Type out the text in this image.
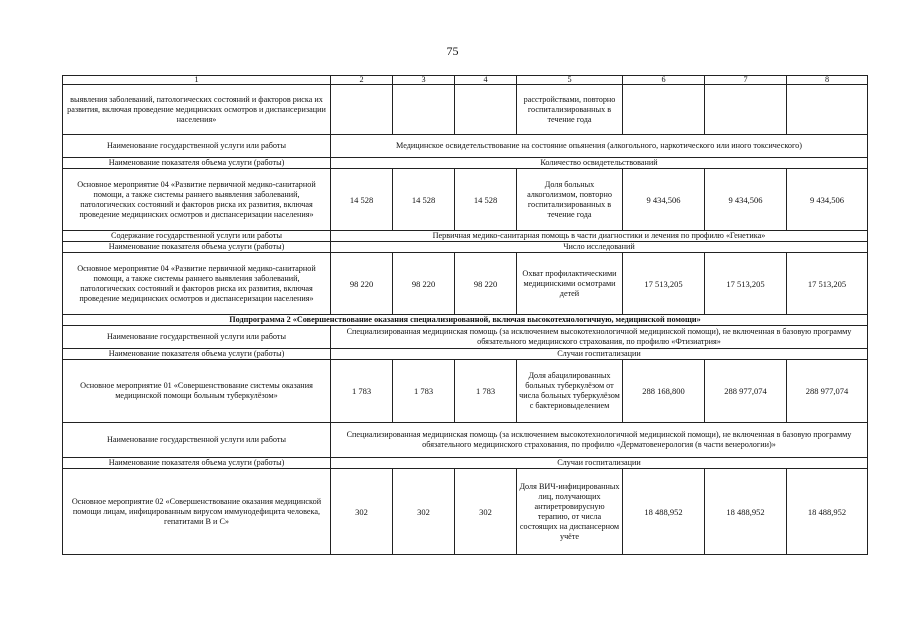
75
1	2	3	4	5	6	7	8
выявления заболеваний, патологических состояний и факторов риска их развития, включая проведение медицинских осмотров и диспансеризации населения»				расстройствами, повторно госпитализированных в течение года			
Наименование государственной услуги или работы	Медицинское освидетельствование на состояние опьянения (алкогольного, наркотического или иного токсического)						
Наименование показателя объема услуги (работы)	Количество освидетельствований						
Основное мероприятие 04 «Развитие первичной медико-санитарной помощи, а также системы раннего выявления заболеваний, патологических состояний и факторов риска их развития, включая проведение медицинских осмотров и диспансеризации населения»	14 528	14 528	14 528	Доля больных алкоголизмом, повторно госпитализированных в течение года	9 434,506	9 434,506	9 434,506
Содержание государственной услуги или работы	Первичная медико-санитарная помощь в части диагностики и лечения по профилю «Генетика»						
Наименование показателя объема услуги (работы)	Число исследований						
Основное мероприятие 04 «Развитие первичной медико-санитарной помощи, а также системы раннего выявления заболеваний, патологических состояний и факторов риска их развития, включая проведение медицинских осмотров и диспансеризации населения»	98 220	98 220	98 220	Охват профилактическими медицинскими осмотрами детей	17 513,205	17 513,205	17 513,205
Подпрограмма 2 «Совершенствование оказания специализированной, включая высокотехнологичную, медицинской помощи»							
Наименование государственной услуги или работы	Специализированная медицинская помощь (за исключением высокотехнологичной медицинской помощи), не включенная в базовую программу обязательного медицинского страхования, по профилю «Фтизиатрия»						
Наименование показателя объема услуги (работы)	Случаи госпитализации						
Основное мероприятие 01 «Совершенствование системы оказания медицинской помощи больным туберкулёзом»	1 783	1 783	1 783	Доля абацилированных больных туберкулёзом от числа больных туберкулёзом с бактериовыделением	288 168,800	288 977,074	288 977,074
Наименование государственной услуги или работы	Специализированная медицинская помощь (за исключением высокотехнологичной медицинской помощи), не включенная в базовую программу обязательного медицинского страхования, по профилю «Дерматовенерология (в части венерологии)»						
Наименование показателя объема услуги (работы)	Случаи госпитализации						
Основное мероприятие 02 «Совершенствование оказания медицинской помощи лицам, инфицированным вирусом иммунодефицита человека, гепатитами В и С»	302	302	302	Доля ВИЧ-инфицированных лиц, получающих антиретровирусную терапию, от числа состоящих на диспансерном учёте	18 488,952	18 488,952	18 488,952
